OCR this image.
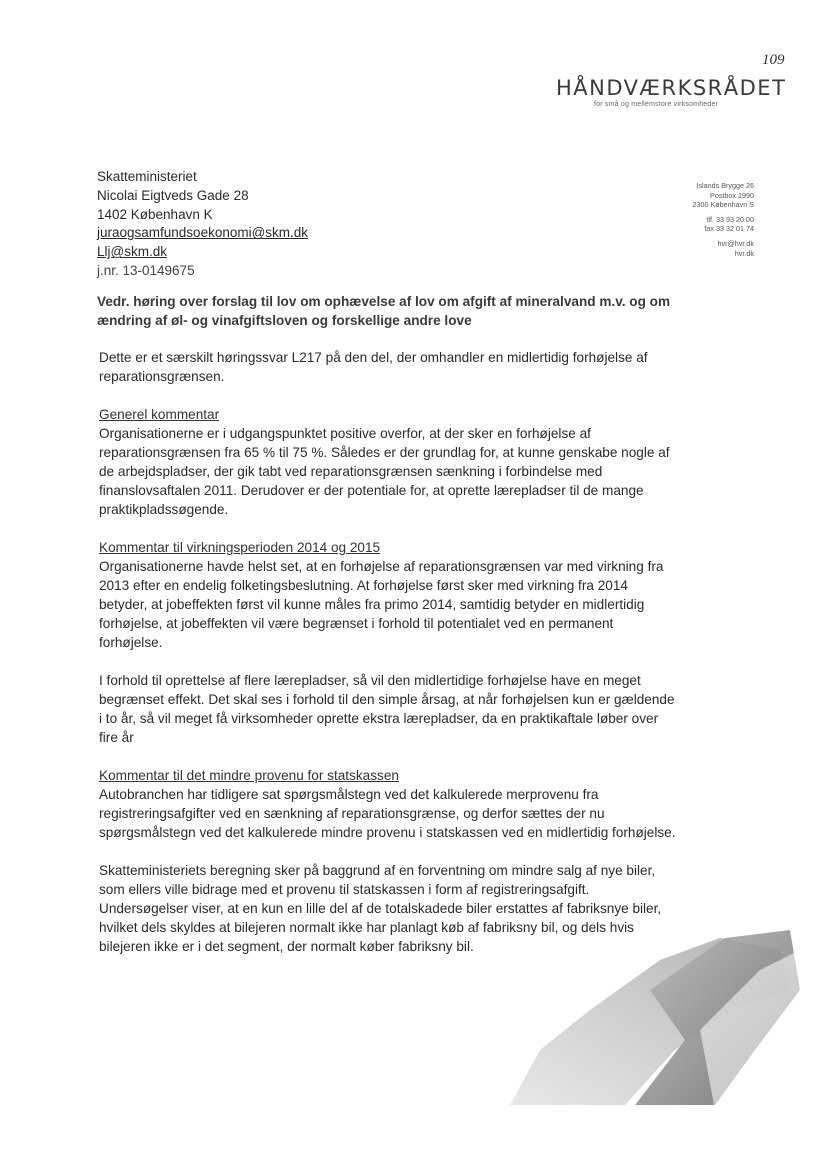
109
HÅNDVÆRKSRÅDET
for små og mellemstore virksomheder
Skatteministeriet
Nicolai Eigtveds Gade 28
1402 København K
juraogsamfundsoekonomi@skm.dk
Llj@skm.dk
j.nr. 13-0149675
Islands Brygge 26
Postbox 1990
2300 København S
tlf. 33 93 20 00
fax 33 32 01 74
hvr@hvr.dk
hvr.dk
Vedr. høring over forslag til lov om ophævelse af lov om afgift af mineralvand m.v. og om ændring af øl- og vinafgiftsloven og forskellige andre love

Dette er et særskilt høringssvar L217 på den del, der omhandler en midlertidig forhøjelse af reparationsgrænsen.

Generel kommentar

Organisationerne er i udgangspunktet positive overfor, at der sker en forhøjelse af reparationsgrænsen fra 65 % til 75 %. Således er der grundlag for, at kunne genskabe nogle af de arbejdspladser, der gik tabt ved reparationsgrænsen sænkning i forbindelse med finanslovsaftalen 2011. Derudover er der potentiale for, at oprette lærepladser til de mange praktikpladssøgende.

Kommentar til virkningsperioden 2014 og 2015

Organisationerne havde helst set, at en forhøjelse af reparationsgrænsen var med virkning fra 2013 efter en endelig folketingsbeslutning. At forhøjelse først sker med virkning fra 2014 betyder, at jobeffekten først vil kunne måles fra primo 2014, samtidig betyder en midlertidig forhøjelse, at jobeffekten vil være begrænset i forhold til potentialet ved en permanent forhøjelse.

I forhold til oprettelse af flere lærepladser, så vil den midlertidige forhøjelse have en meget begrænset effekt. Det skal ses i forhold til den simple årsag, at når forhøjelsen kun er gældende i to år, så vil meget få virksomheder oprette ekstra lærepladser, da en praktikaftale løber over fire år

Kommentar til det mindre provenu for statskassen

Autobranchen har tidligere sat spørgsmålstegn ved det kalkulerede merprovenu fra registreringsafgifter ved en sænkning af reparationsgrænse, og derfor sættes der nu spørgsmålstegn ved det kalkulerede mindre provenu i statskassen ved en midlertidig forhøjelse.

Skatteministeriets beregning sker på baggrund af en forventning om mindre salg af nye biler, som ellers ville bidrage med et provenu til statskassen i form af registreringsafgift. Undersøgelser viser, at en kun en lille del af de totalskadede biler erstattes af fabriksnye biler, hvilket dels skyldes at bilejeren normalt ikke har planlagt køb af fabriksny bil, og dels hvis bilejeren ikke er i det segment, der normalt køber fabriksny bil.
